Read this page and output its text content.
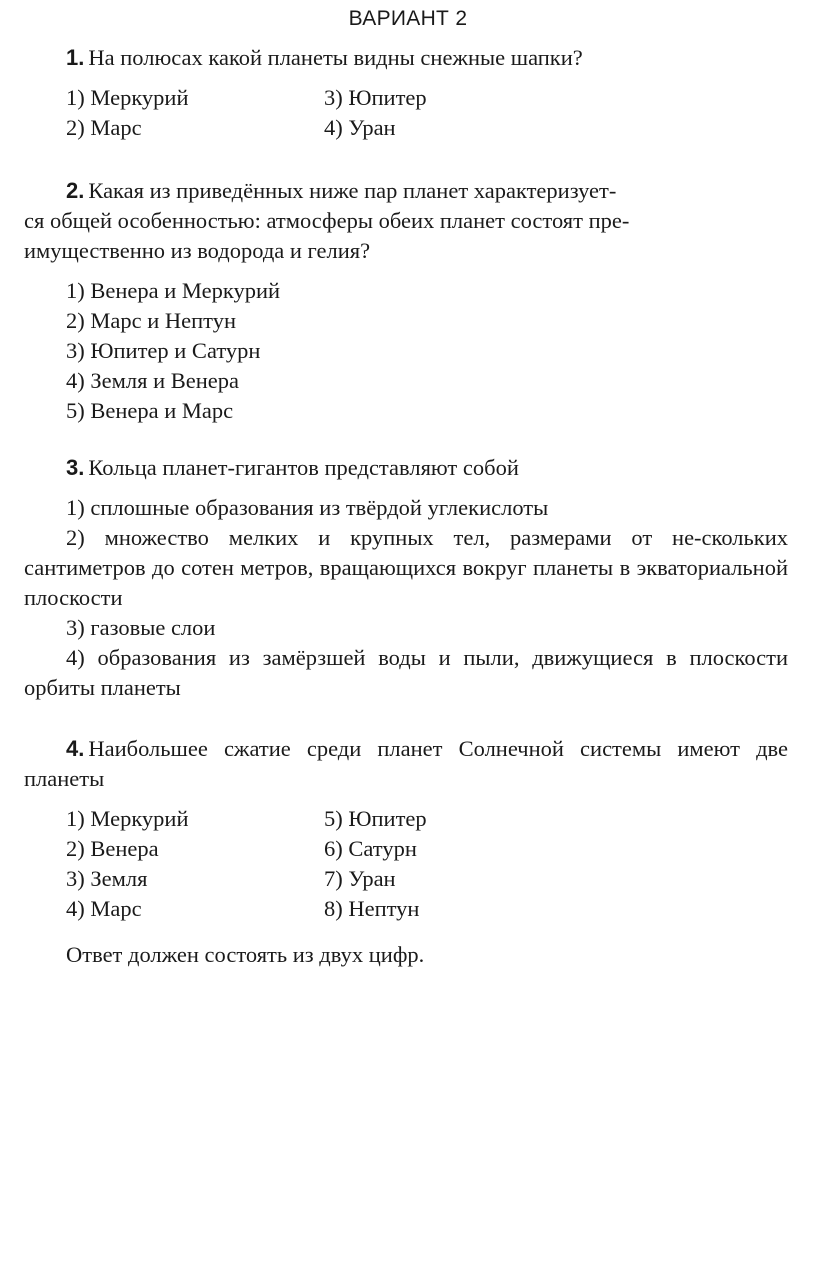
ВАРИАНТ 2
1. На полюсах какой планеты видны снежные шапки?
1) Меркурий	3) Юпитер
2) Марс	4) Уран
2. Какая из приведённых ниже пар планет характеризует-
ся общей особенностью: атмосферы обеих планет состоят пре-
имущественно из водорода и гелия?
1) Венера и Меркурий
2) Марс и Нептун
3) Юпитер и Сатурн
4) Земля и Венера
5) Венера и Марс
3. Кольца планет-гигантов представляют собой
1) сплошные образования из твёрдой углекислоты
2) множество мелких и крупных тел, размерами от не-скольких сантиметров до сотен метров, вращающихся вокруг планеты в экваториальной плоскости
3) газовые слои
4) образования из замёрзшей воды и пыли, движущиеся в плоскости орбиты планеты
4. Наибольшее сжатие среди планет Солнечной системы имеют две планеты
1) Меркурий	5) Юпитер
2) Венера	6) Сатурн
3) Земля	7) Уран
4) Марс	8) Нептун
Ответ должен состоять из двух цифр.
